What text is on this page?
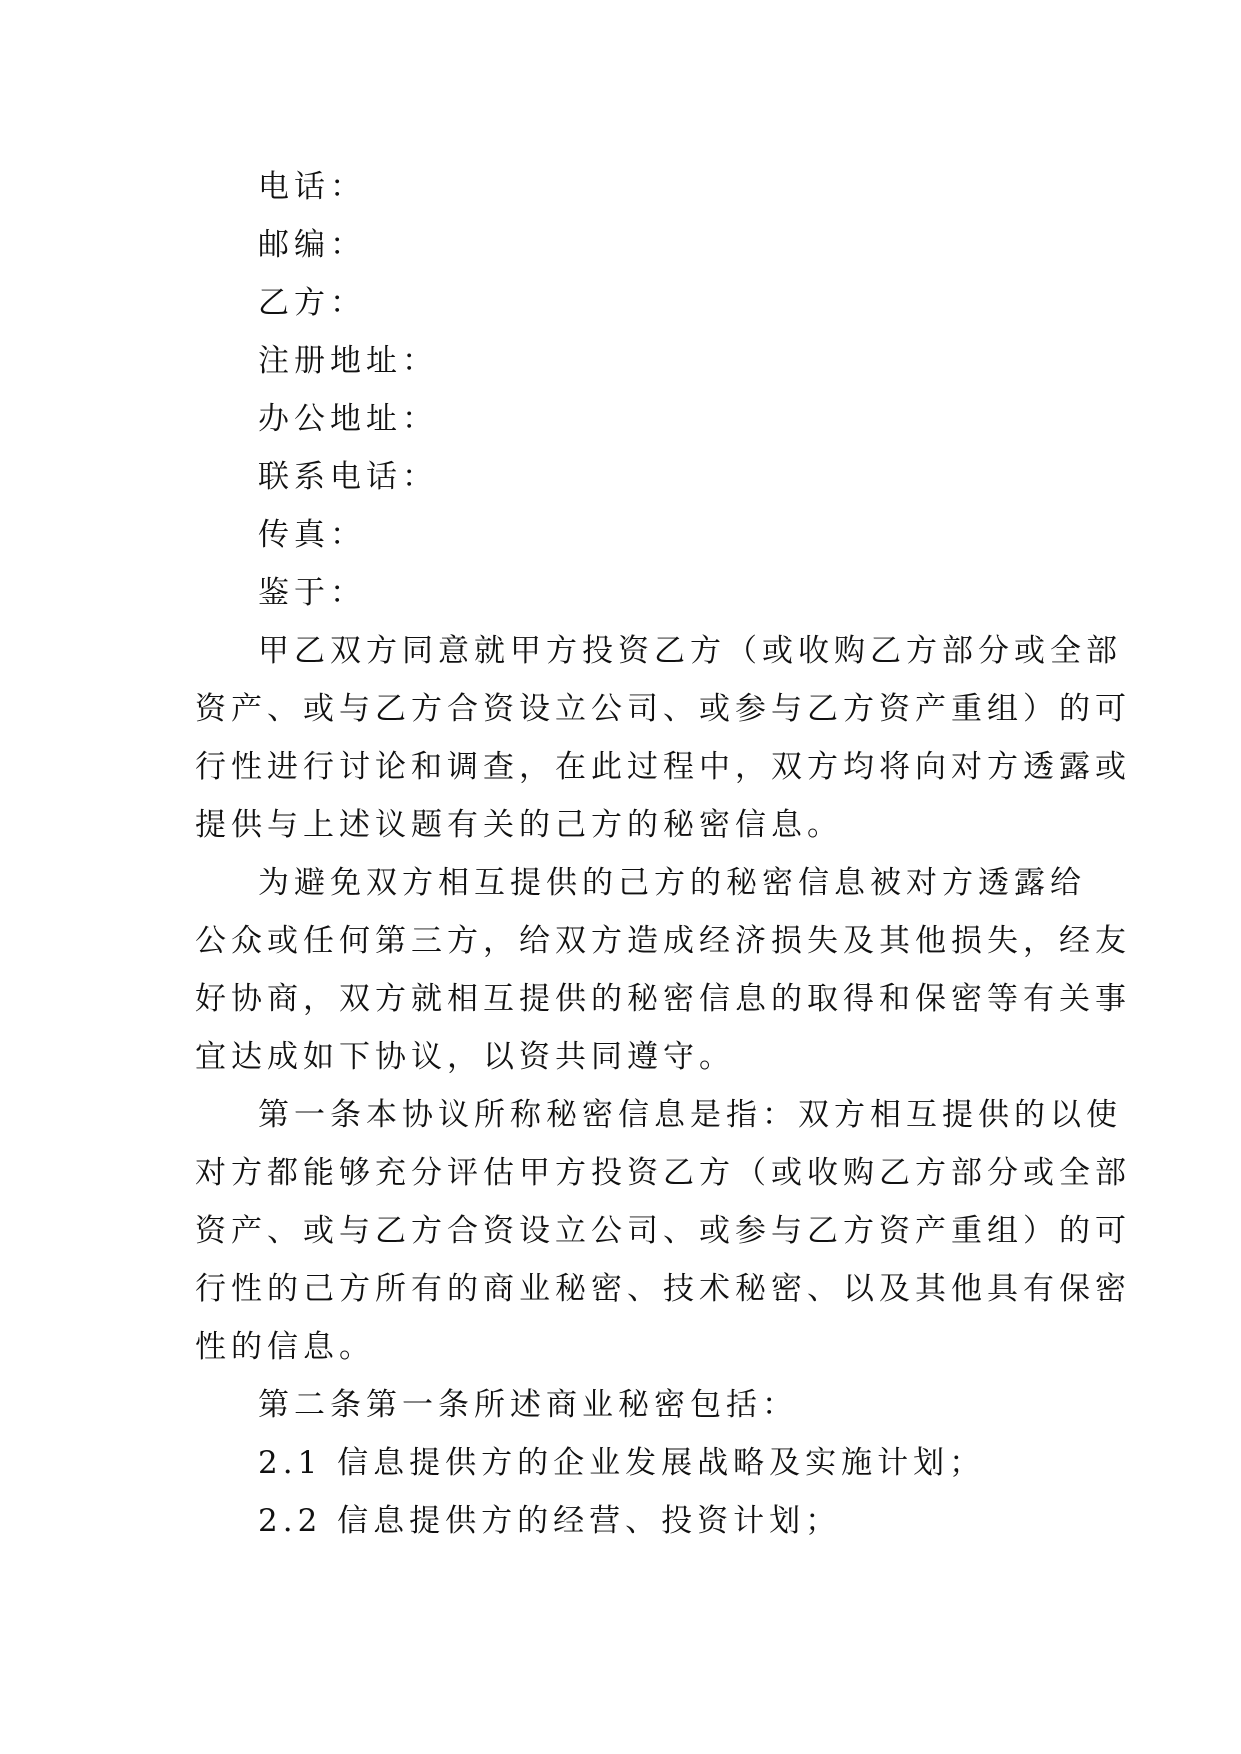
电话：
邮编：
乙方：
注册地址：
办公地址：
联系电话：
传真：
鉴于：
甲乙双方同意就甲方投资乙方（或收购乙方部分或全部
资产、或与乙方合资设立公司、或参与乙方资产重组）的可
行性进行讨论和调查，在此过程中，双方均将向对方透露或
提供与上述议题有关的己方的秘密信息。
为避免双方相互提供的己方的秘密信息被对方透露给
公众或任何第三方，给双方造成经济损失及其他损失，经友
好协商，双方就相互提供的秘密信息的取得和保密等有关事
宜达成如下协议，以资共同遵守。
第一条本协议所称秘密信息是指：双方相互提供的以使
对方都能够充分评估甲方投资乙方（或收购乙方部分或全部
资产、或与乙方合资设立公司、或参与乙方资产重组）的可
行性的己方所有的商业秘密、技术秘密、以及其他具有保密
性的信息。
第二条第一条所述商业秘密包括：
2.1 信息提供方的企业发展战略及实施计划；
2.2 信息提供方的经营、投资计划；
